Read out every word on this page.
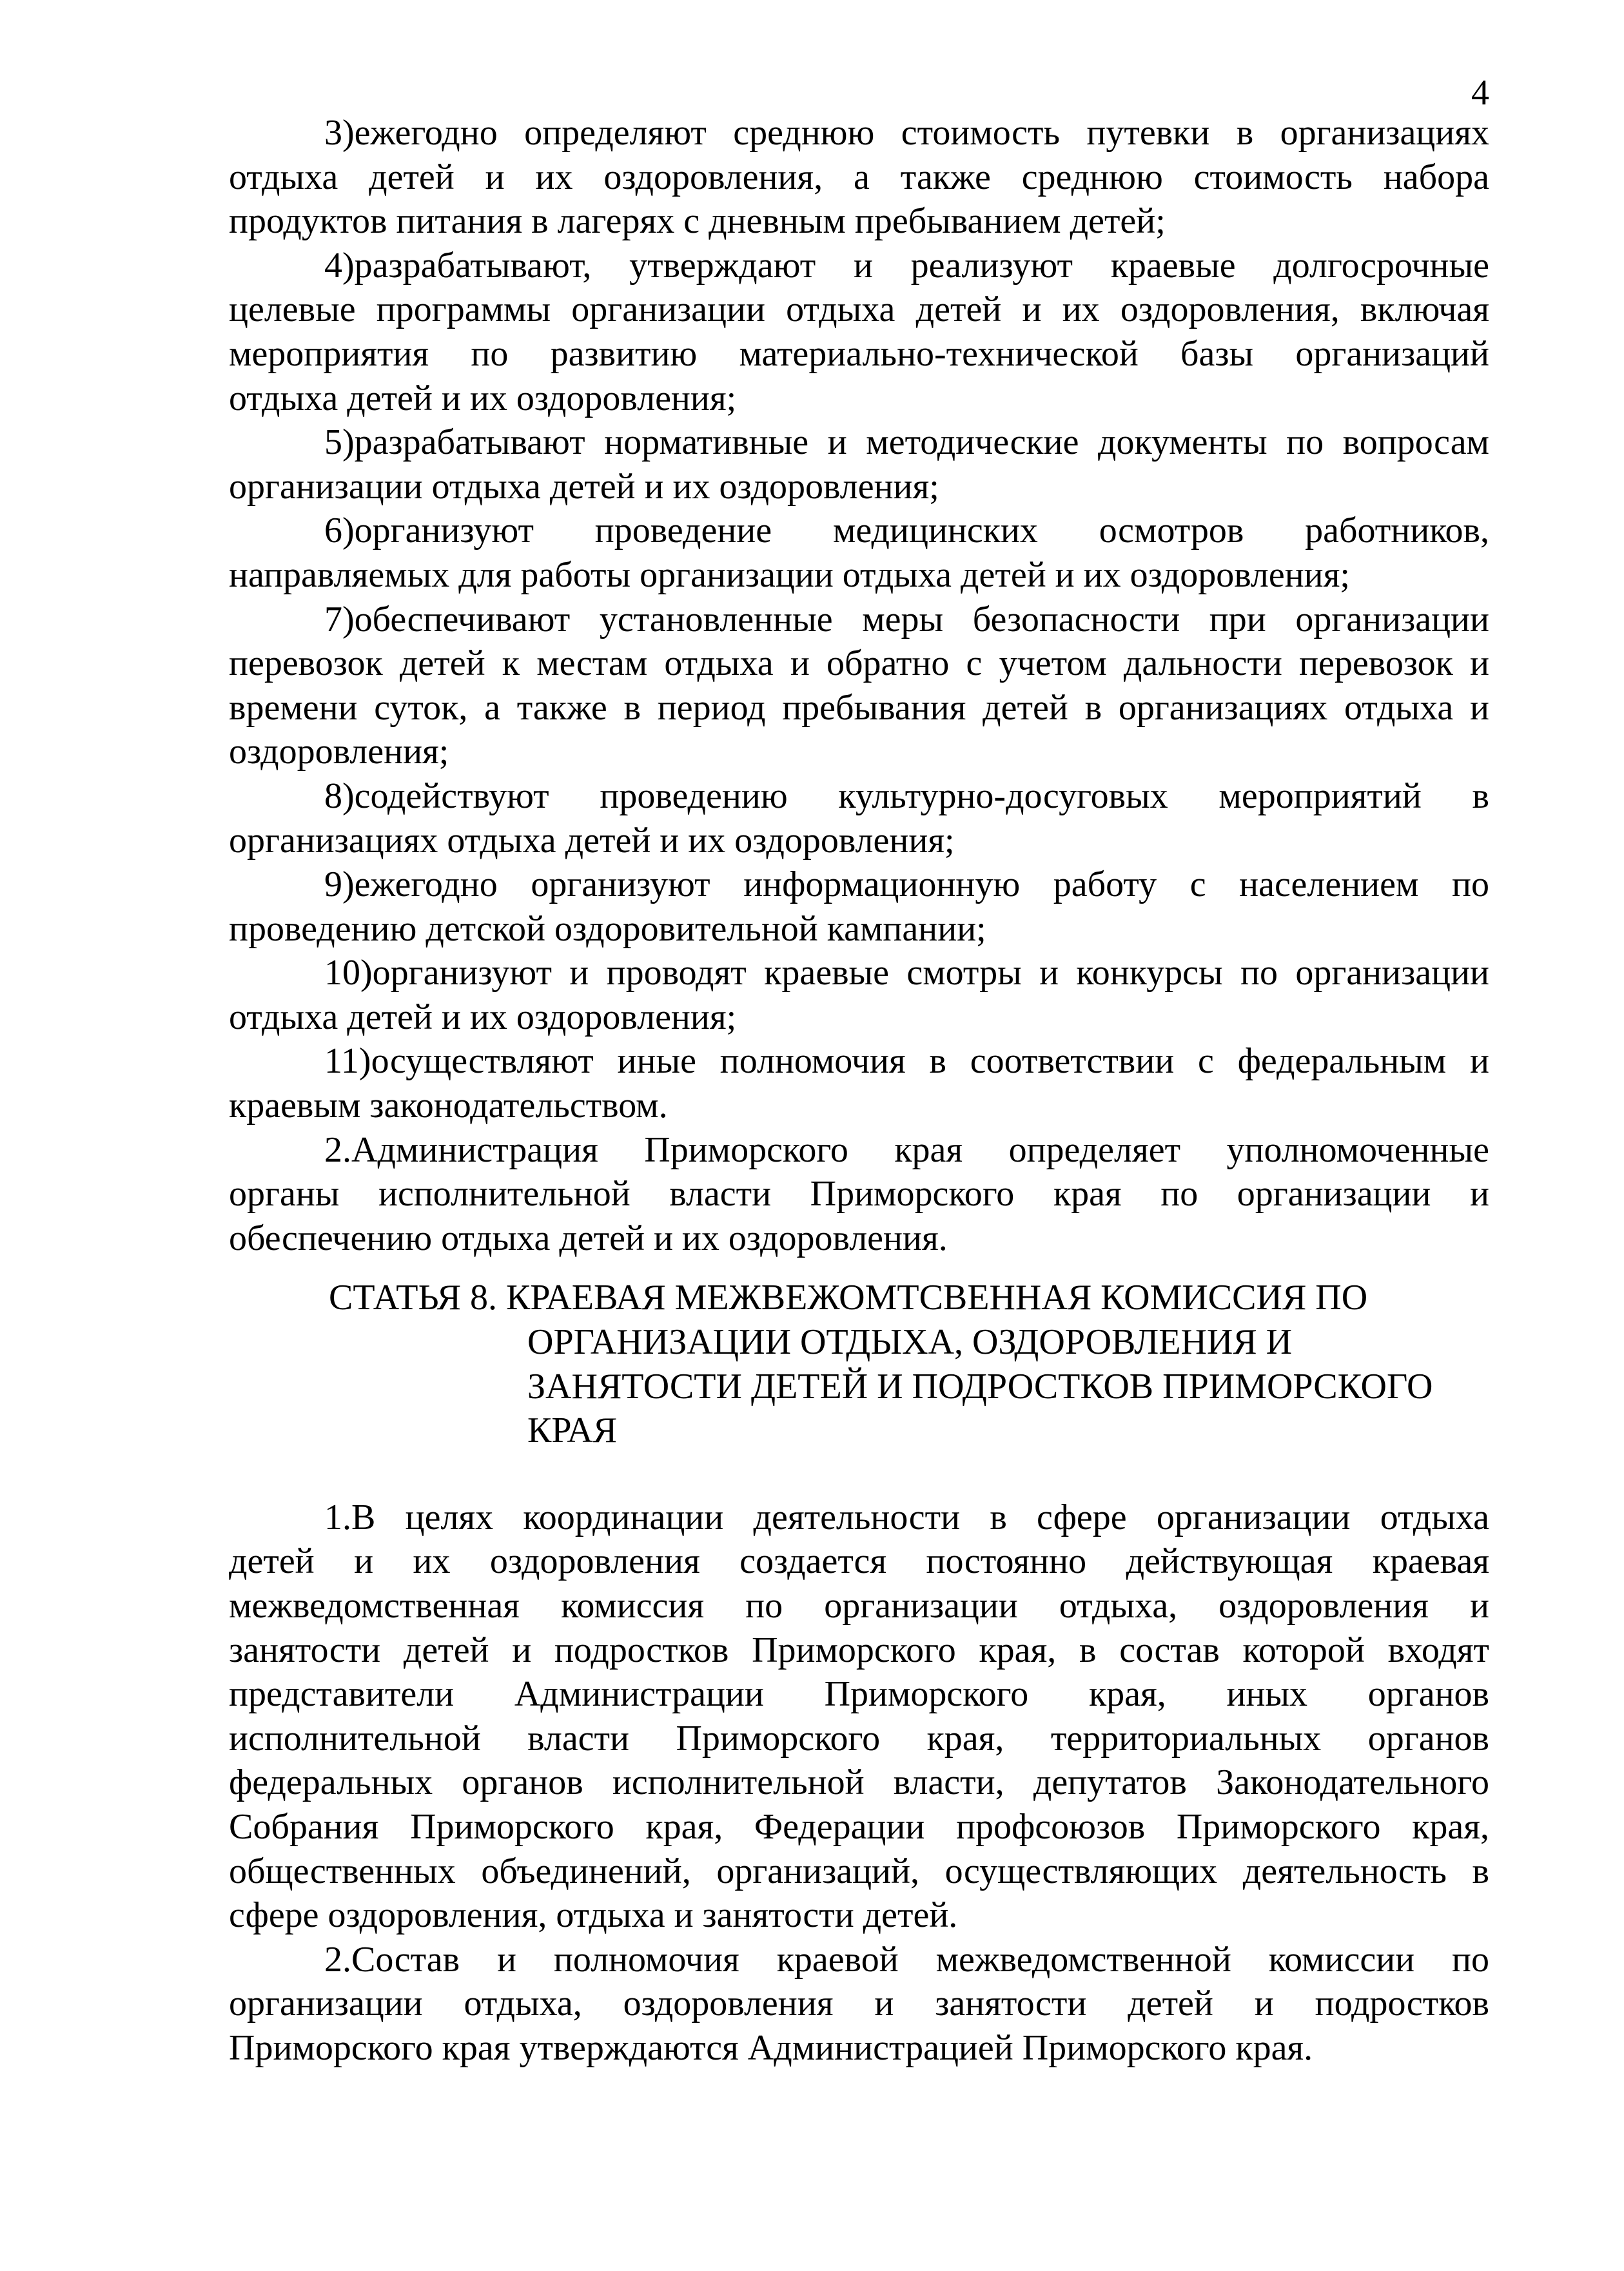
4
3)ежегодно определяют среднюю стоимость путевки в организациях
отдыха детей и их оздоровления, а также среднюю стоимость набора
продуктов питания в лагерях с дневным пребыванием детей;
4)разрабатывают, утверждают и реализуют краевые долгосрочные
целевые программы организации отдыха детей и их оздоровления, включая
мероприятия по развитию материально-технической базы организаций
отдыха детей и их оздоровления;
5)разрабатывают нормативные и методические документы по вопросам
организации отдыха детей и их оздоровления;
6)организуют проведение медицинских осмотров работников,
направляемых для работы организации отдыха детей и их оздоровления;
7)обеспечивают установленные меры безопасности при организации
перевозок детей к местам отдыха и обратно с учетом дальности перевозок и
времени суток, а также в период пребывания детей в организациях отдыха и
оздоровления;
8)содействуют проведению культурно-досуговых мероприятий в
организациях отдыха детей и их оздоровления;
9)ежегодно организуют информационную работу с населением по
проведению детской оздоровительной кампании;
10)организуют и проводят краевые смотры и конкурсы по организации
отдыха детей и их оздоровления;
11)осуществляют иные полномочия в соответствии с федеральным и
краевым законодательством.
2.Администрация Приморского края определяет уполномоченные
органы исполнительной власти Приморского края по организации и
обеспечению отдыха детей и их оздоровления.
СТАТЬЯ 8. КРАЕВАЯ МЕЖВЕЖОМТСВЕННАЯ КОМИССИЯ ПО
ОРГАНИЗАЦИИ ОТДЫХА, ОЗДОРОВЛЕНИЯ И
ЗАНЯТОСТИ ДЕТЕЙ И ПОДРОСТКОВ ПРИМОРСКОГО
КРАЯ
1.В целях координации деятельности в сфере организации отдыха
детей и их оздоровления создается постоянно действующая краевая
межведомственная комиссия по организации отдыха, оздоровления и
занятости детей и подростков Приморского края, в состав которой входят
представители Администрации Приморского края, иных органов
исполнительной власти Приморского края, территориальных органов
федеральных органов исполнительной власти, депутатов Законодательного
Собрания Приморского края, Федерации профсоюзов Приморского края,
общественных объединений, организаций, осуществляющих деятельность в
сфере оздоровления, отдыха и занятости детей.
2.Состав и полномочия краевой межведомственной комиссии по
организации отдыха, оздоровления и занятости детей и подростков
Приморского края утверждаются Администрацией Приморского края.
